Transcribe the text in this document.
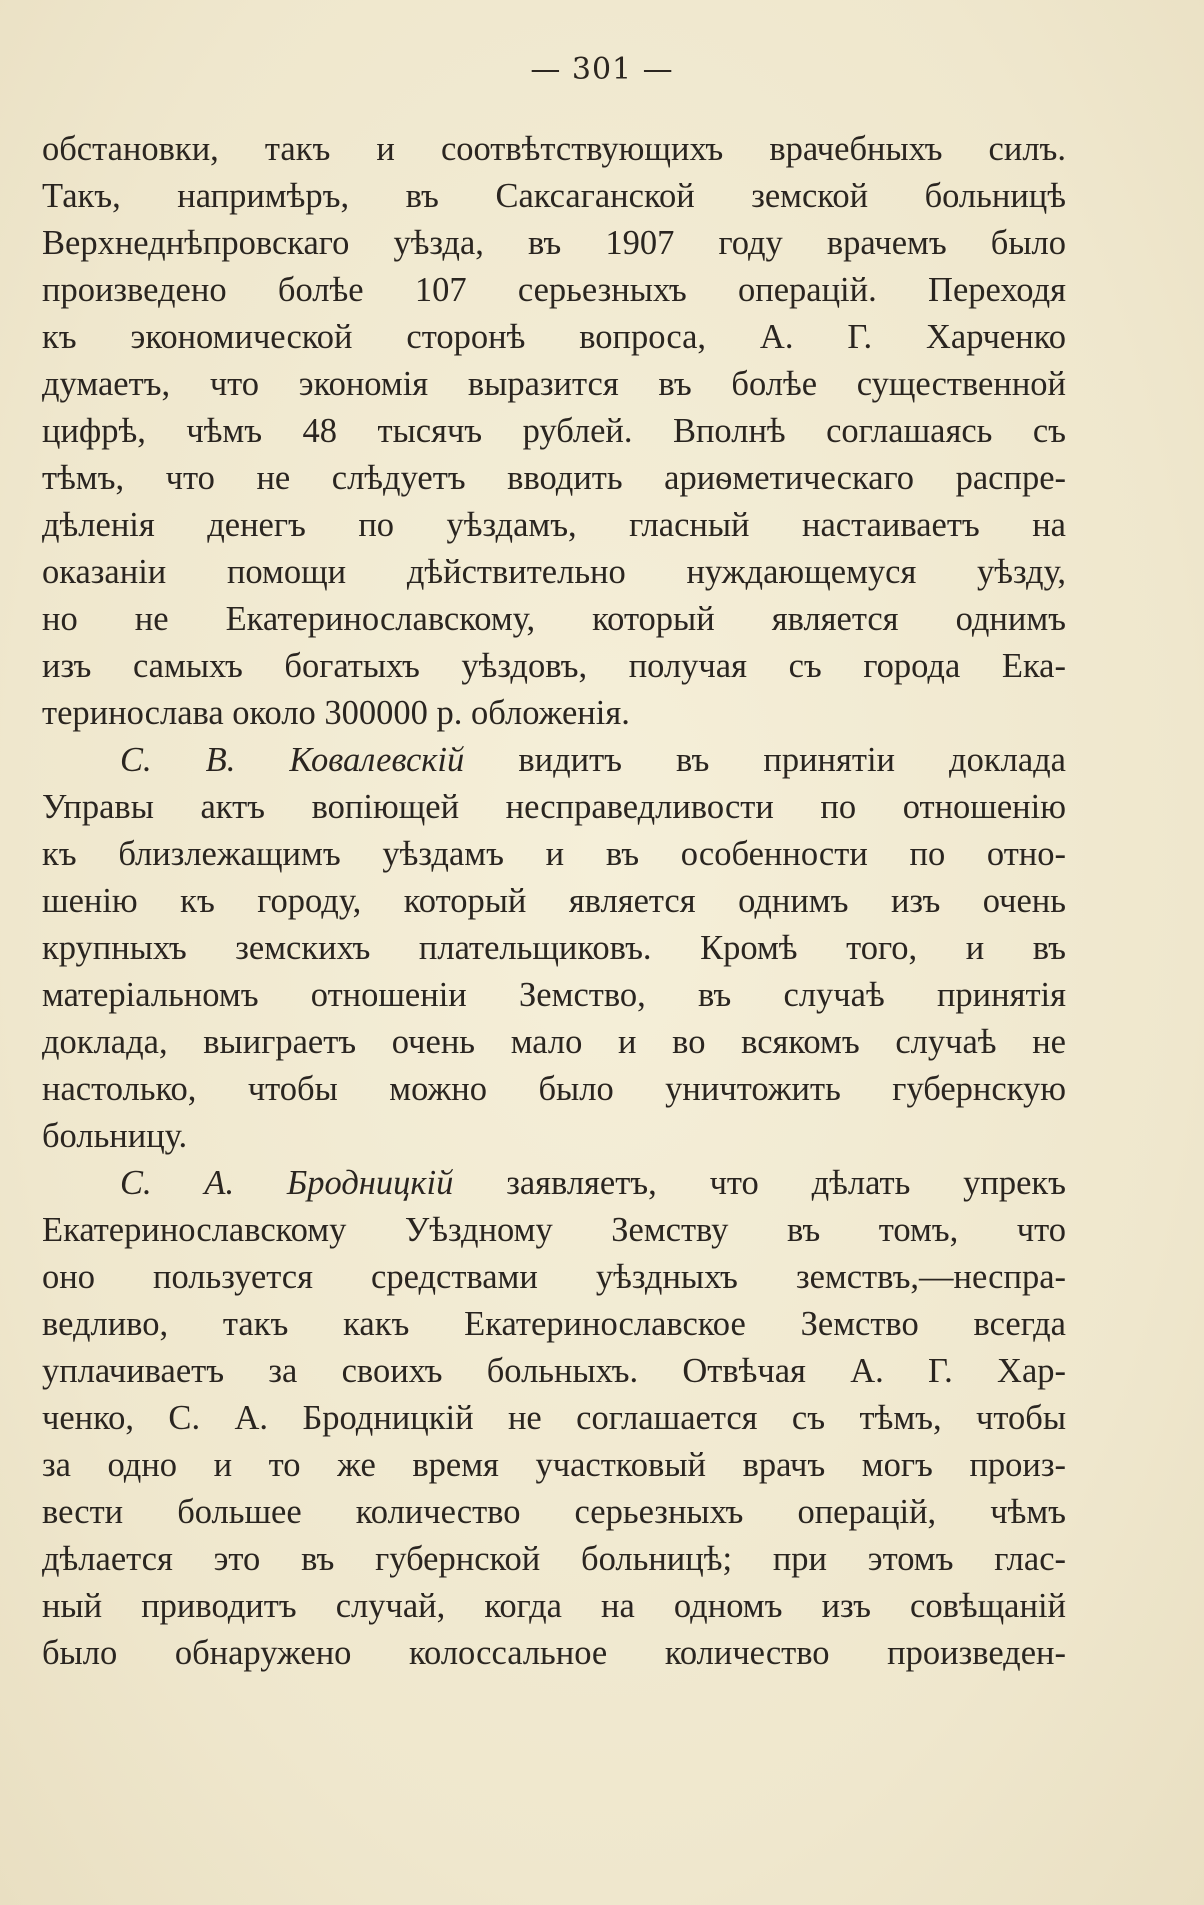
— 301 —
обстановки, такъ и соотвѣтствующихъ врачебныхъ силъ.
Такъ, напримѣръ, въ Саксаганской земской больницѣ
Верхнеднѣпровскаго уѣзда, въ 1907 году врачемъ было
произведено болѣе 107 серьезныхъ операцій. Переходя
къ экономической сторонѣ вопроса, А. Г. Харченко
думаетъ, что экономія выразится въ болѣе существенной
цифрѣ, чѣмъ 48 тысячъ рублей. Вполнѣ соглашаясь съ
тѣмъ, что не слѣдуетъ вводить ариѳметическаго распре-
дѣленія денегъ по уѣздамъ, гласный настаиваетъ на
оказаніи помощи дѣйствительно нуждающемуся уѣзду,
но не Екатеринославскому, который является однимъ
изъ самыхъ богатыхъ уѣздовъ, получая съ города Ека-
теринослава около 300000 р. обложенія.
С. В. Ковалевскій видитъ въ принятіи доклада
Управы актъ вопіющей несправедливости по отношенію
къ близлежащимъ уѣздамъ и въ особенности по отно-
шенію къ городу, который является однимъ изъ очень
крупныхъ земскихъ плательщиковъ. Кромѣ того, и въ
матеріальномъ отношеніи Земство, въ случаѣ принятія
доклада, выиграетъ очень мало и во всякомъ случаѣ не
настолько, чтобы можно было уничтожить губернскую
больницу.
С. А. Бродницкій заявляетъ, что дѣлать упрекъ
Екатеринославскому Уѣздному Земству въ томъ, что
оно пользуется средствами уѣздныхъ земствъ,—неспра-
ведливо, такъ какъ Екатеринославское Земство всегда
уплачиваетъ за своихъ больныхъ. Отвѣчая А. Г. Хар-
ченко, С. А. Бродницкій не соглашается съ тѣмъ, чтобы
за одно и то же время участковый врачъ могъ произ-
вести большее количество серьезныхъ операцій, чѣмъ
дѣлается это въ губернской больницѣ; при этомъ глас-
ный приводитъ случай, когда на одномъ изъ совѣщаній
было обнаружено колоссальное количество произведен-
